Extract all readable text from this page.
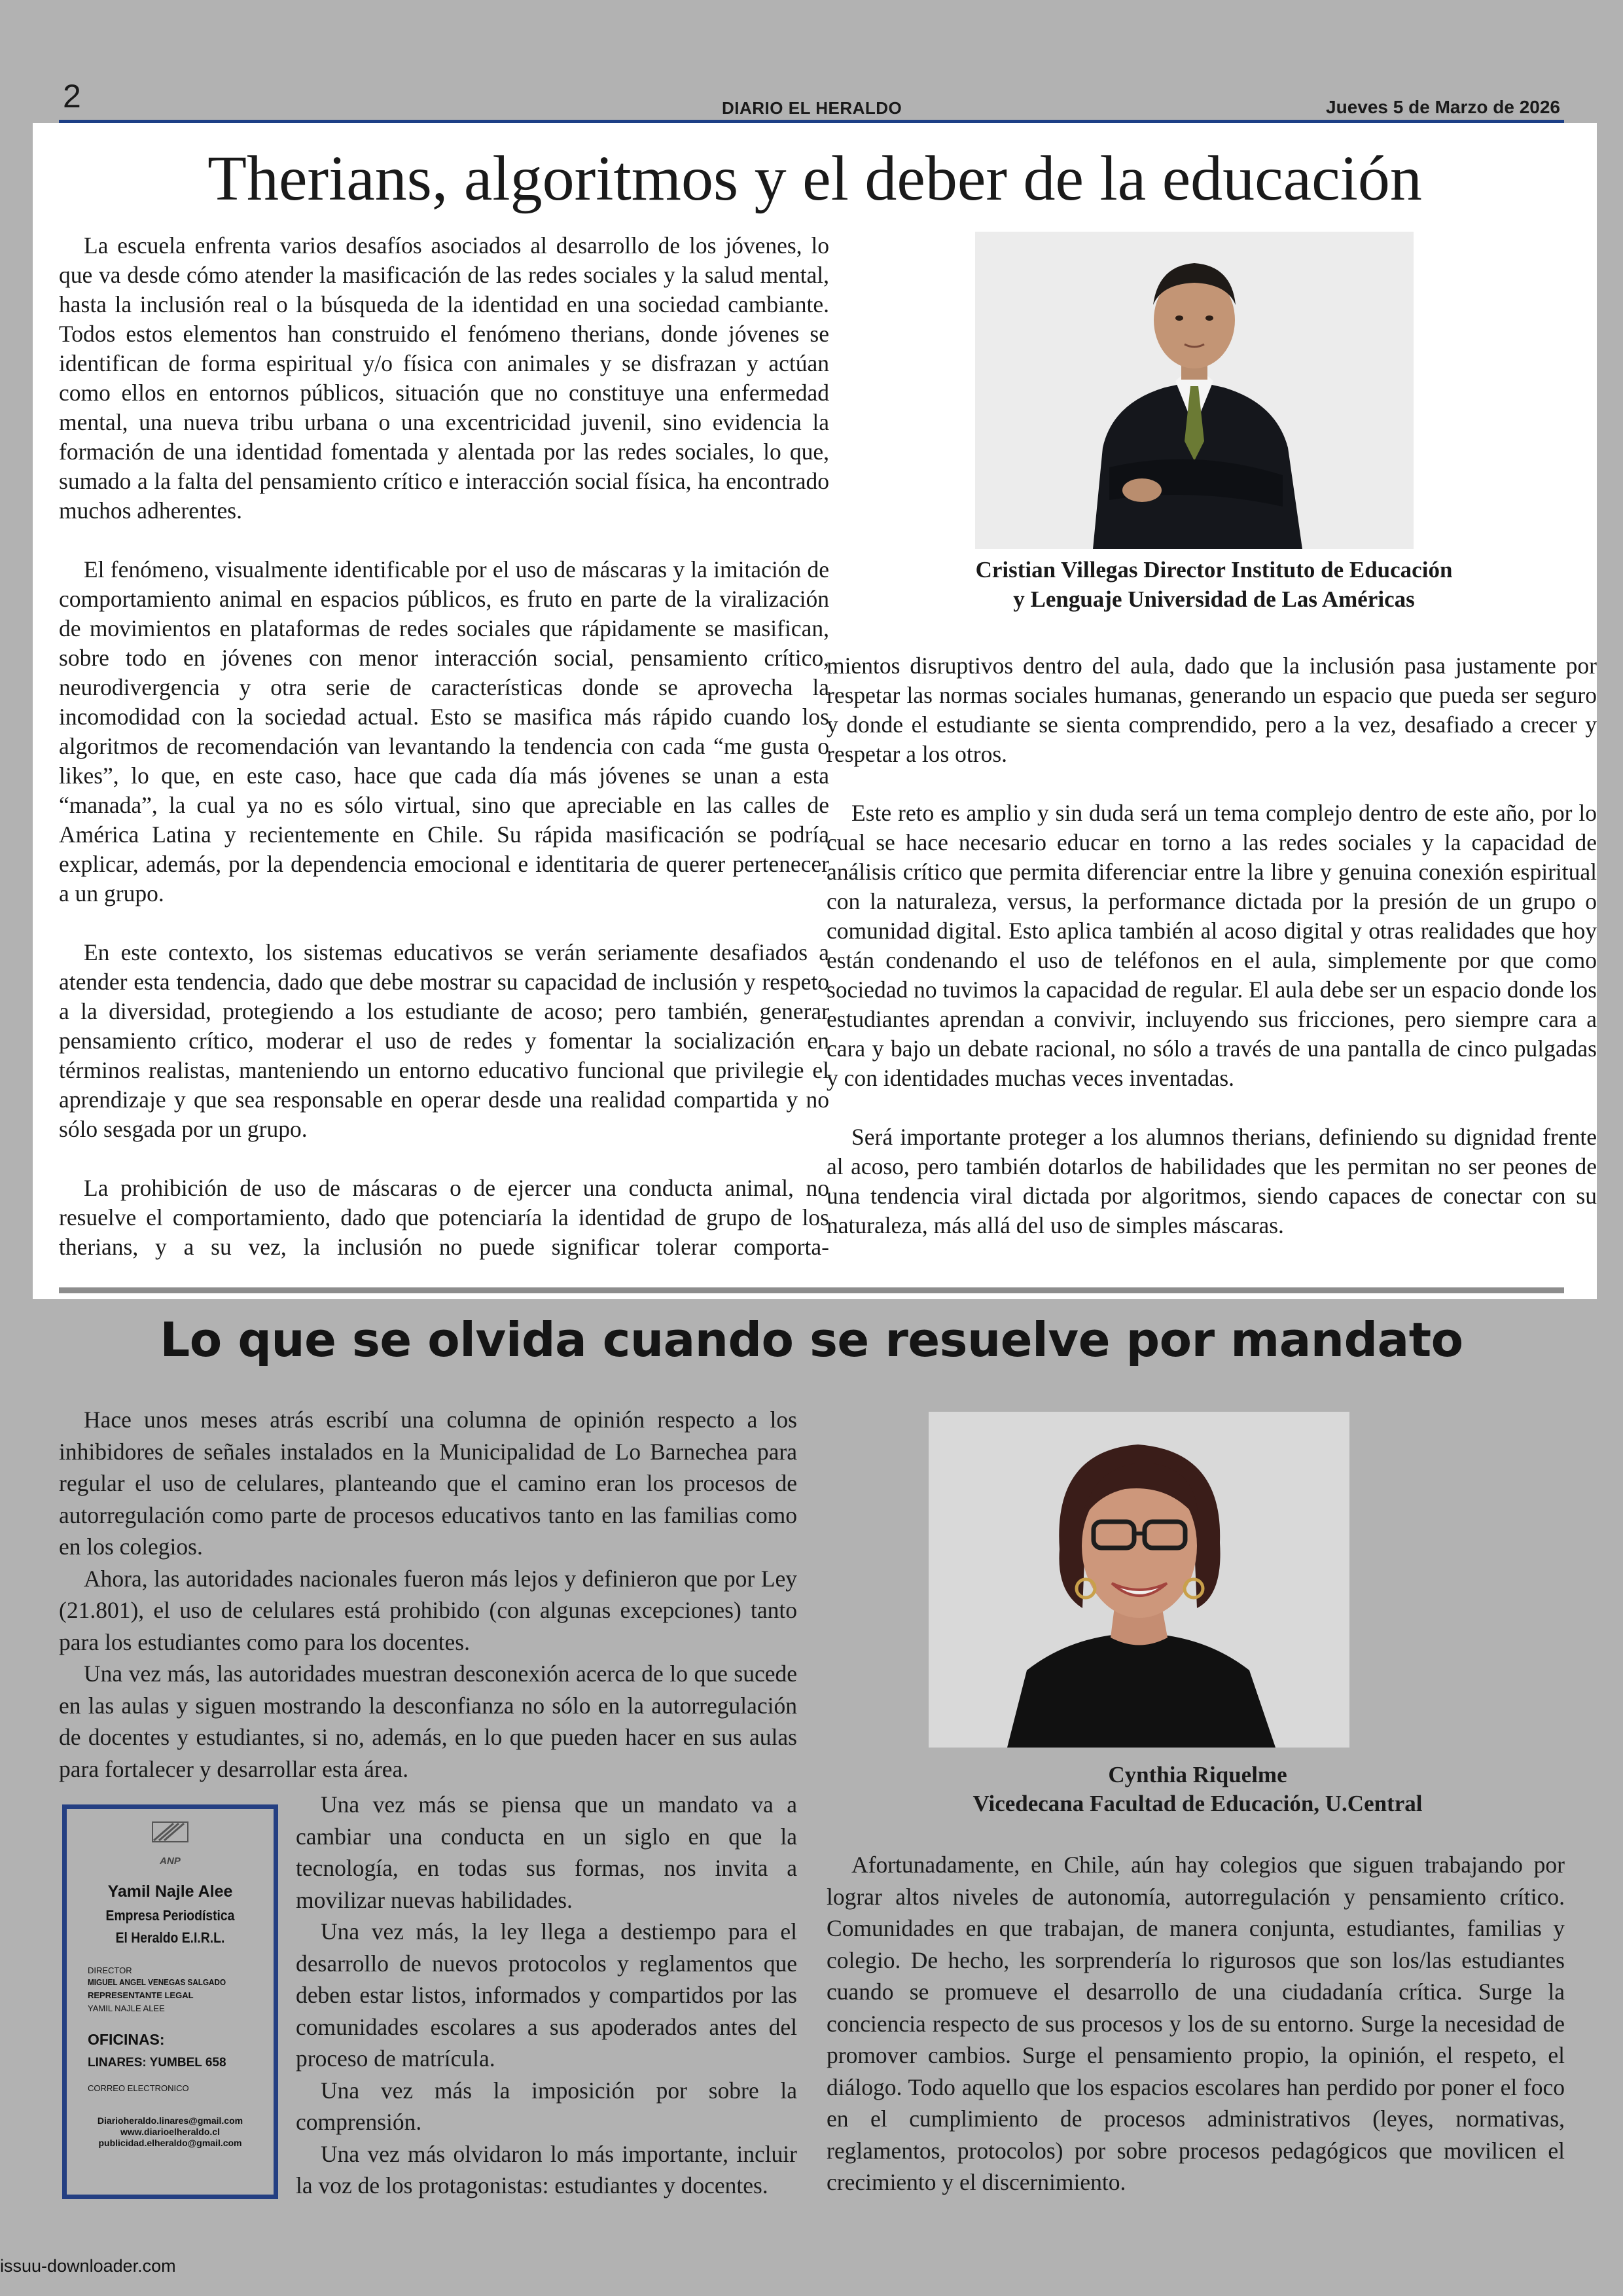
2	DIARIO EL HERALDO	Jueves 5 de Marzo de 2026
Therians, algoritmos y el deber de la educación

La escuela enfrenta varios desafíos asociados al desarrollo de los jóvenes, lo que va desde cómo atender la masificación de las redes sociales y la salud mental, hasta la inclusión real o la búsqueda de la identidad en una sociedad cambiante. Todos estos elementos han construido el fenómeno therians, donde jóvenes se identifican de forma espiritual y/o física con animales y se disfrazan y actúan como ellos en entornos públicos, situación que no constituye una enfermedad mental, una nueva tribu urbana o una excentricidad juvenil, sino evidencia la formación de una identidad fomentada y alentada por las redes sociales, lo que, sumado a la falta del pensamiento crítico e interacción social física, ha encontrado muchos adherentes.

El fenómeno, visualmente identificable por el uso de máscaras y la imitación de comportamiento animal en espacios públicos, es fruto en parte de la viralización de movimientos en plataformas de redes sociales que rápidamente se masifican, sobre todo en jóvenes con menor interacción social, pensamiento crítico, neurodivergencia y otra serie de características donde se aprovecha la incomodidad con la sociedad actual. Esto se masifica más rápido cuando los algoritmos de recomendación van levantando la tendencia con cada “me gusta o likes”, lo que, en este caso, hace que cada día más jóvenes se unan a esta “manada”, la cual ya no es sólo virtual, sino que apreciable en las calles de América Latina y recientemente en Chile. Su rápida masificación se podría explicar, además, por la dependencia emocional e identitaria de querer pertenecer a un grupo.

En este contexto, los sistemas educativos se verán seriamente desafiados a atender esta tendencia, dado que debe mostrar su capacidad de inclusión y respeto a la diversidad, protegiendo a los estudiante de acoso; pero también, generar pensamiento crítico, moderar el uso de redes y fomentar la socialización en términos realistas, manteniendo un entorno educativo funcional que privilegie el aprendizaje y que sea responsable en operar desde una realidad compartida y no sólo sesgada por un grupo.

La prohibición de uso de máscaras o de ejercer una conducta animal, no resuelve el comportamiento, dado que potenciaría la identidad de grupo de los therians, y a su vez, la inclusión no puede significar tolerar comporta-

Cristian Villegas Director Instituto de Educación
y Lenguaje Universidad de Las Américas

mientos disruptivos dentro del aula, dado que la inclusión pasa justamente por respetar las normas sociales humanas, generando un espacio que pueda ser seguro y donde el estudiante se sienta comprendido, pero a la vez, desafiado a crecer y respetar a los otros.

Este reto es amplio y sin duda será un tema complejo dentro de este año, por lo cual se hace necesario educar en torno a las redes sociales y la capacidad de análisis crítico que permita diferenciar entre la libre y genuina conexión espiritual con la naturaleza, versus, la performance dictada por la presión de un grupo o comunidad digital. Esto aplica también al acoso digital y otras realidades que hoy están condenando el uso de teléfonos en el aula, simplemente por que como sociedad no tuvimos la capacidad de regular. El aula debe ser un espacio donde los estudiantes aprendan a convivir, incluyendo sus fricciones, pero siempre cara a cara y bajo un debate racional, no sólo a través de una pantalla de cinco pulgadas y con identidades muchas veces inventadas.

Será importante proteger a los alumnos therians, definiendo su dignidad frente al acoso, pero también dotarlos de habilidades que les permitan no ser peones de una tendencia viral dictada por algoritmos, siendo capaces de conectar con su naturaleza, más allá del uso de simples máscaras.

Lo que se olvida cuando se resuelve por mandato

Hace unos meses atrás escribí una columna de opinión respecto a los inhibidores de señales instalados en la Municipalidad de Lo Barnechea para regular el uso de celulares, planteando que el camino eran los procesos de autorregulación como parte de procesos educativos tanto en las familias como en los colegios.

Ahora, las autoridades nacionales fueron más lejos y definieron que por Ley (21.801), el uso de celulares está prohibido (con algunas excepciones) tanto para los estudiantes como para los docentes.

Una vez más, las autoridades muestran desconexión acerca de lo que sucede en las aulas y siguen mostrando la desconfianza no sólo en la autorregulación de docentes y estudiantes, si no, además, en lo que pueden hacer en sus aulas para fortalecer y desarrollar esta área.

Una vez más se piensa que un mandato va a cambiar una conducta en un siglo en que la tecnología, en todas sus formas, nos invita a movilizar nuevas habilidades.

Una vez más, la ley llega a destiempo para el desarrollo de nuevos protocolos y reglamentos que deben estar listos, informados y compartidos por las comunidades escolares a sus apoderados antes del proceso de matrícula.

Una vez más la imposición por sobre la comprensión.

Una vez más olvidaron lo más importante, incluir la voz de los protagonistas: estudiantes y docentes.

Cynthia Riquelme
Vicedecana Facultad de Educación, U.Central

Afortunadamente, en Chile, aún hay colegios que siguen trabajando por lograr altos niveles de autonomía, autorregulación y pensamiento crítico. Comunidades en que trabajan, de manera conjunta, estudiantes, familias y colegio. De hecho, les sorprendería lo rigurosos que son los/las estudiantes cuando se promueve el desarrollo de una ciudadanía crítica. Surge la conciencia respecto de sus procesos y los de su entorno. Surge la necesidad de promover cambios. Surge el pensamiento propio, la opinión, el respeto, el diálogo. Todo aquello que los espacios escolares han perdido por poner el foco en el cumplimiento de procesos administrativos (leyes, normativas, reglamentos, protocolos) por sobre procesos pedagógicos que movilicen el crecimiento y el discernimiento.

ANP
Yamil Najle Alee
Empresa Periodística
El Heraldo E.I.R.L.
DIRECTOR
MIGUEL ANGEL VENEGAS SALGADO
REPRESENTANTE LEGAL
YAMIL NAJLE ALEE
OFICINAS:
LINARES: YUMBEL 658
CORREO ELECTRONICO
Diarioheraldo.linares@gmail.com
www.diarioelheraldo.cl
publicidad.elheraldo@gmail.com
issuu-downloader.com
